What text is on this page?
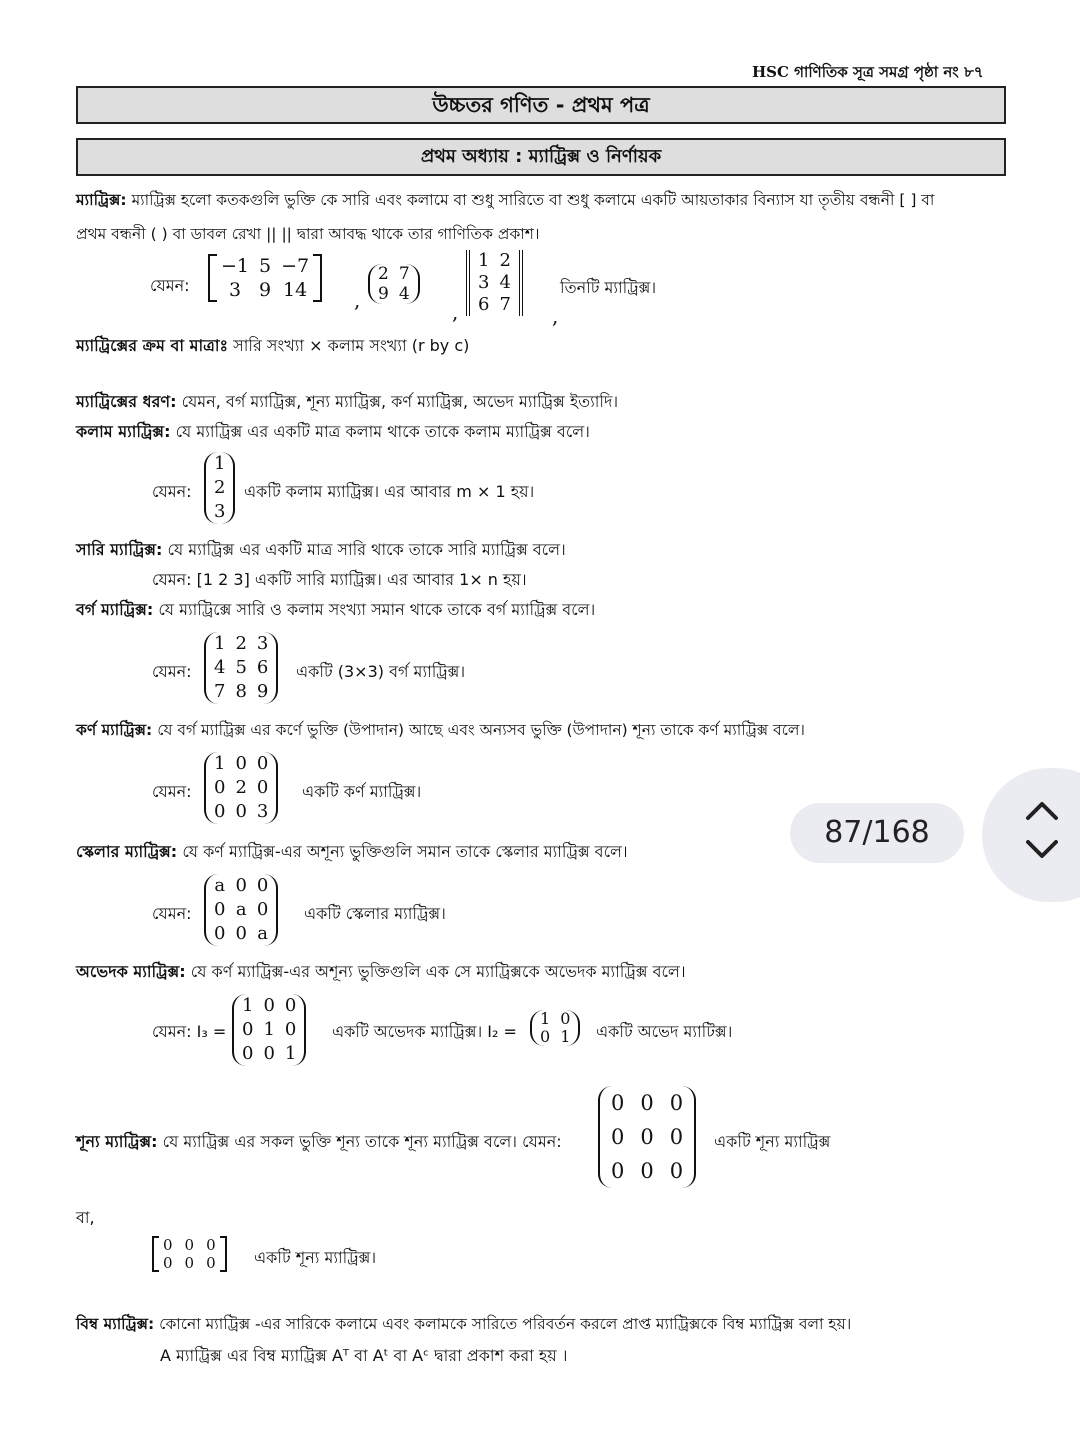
HSC গাণিতিক সূত্র সমগ্র পৃষ্ঠা নং ৮৭
উচ্চতর গণিত - প্রথম পত্র
প্রথম অধ্যায় : ম্যাট্রিক্স ও নির্ণায়ক
ম্যাট্রিক্স: ম্যাট্রিক্স হলো কতকগুলি ভুক্তি কে সারি এবং কলামে বা শুধু সারিতে বা শুধু কলামে একটি আয়তাকার বিন্যাস যা তৃতীয় বন্ধনী [ ] বা
প্রথম বন্ধনী ( ) বা ডাবল রেখা || || দ্বারা আবদ্ধ থাকে তার গাণিতিক প্রকাশ।
যেমন:
−1	5	−7
3	9	14 ,
2	7
9	4
,
1	2
3	4
6	7
তিনটি ম্যাট্রিক্স।
,
ম্যাট্রিক্সের ক্রম বা মাত্রাঃ সারি সংখ্যা × কলাম সংখ্যা (r by c)
ম্যাট্রিক্সের ধরণ: যেমন, বর্গ ম্যাট্রিক্স, শূন্য ম্যাট্রিক্স, কর্ণ ম্যাট্রিক্স, অভেদ ম্যাট্রিক্স ইত্যাদি।
কলাম ম্যাট্রিক্স: যে ম্যাট্রিক্স এর একটি মাত্র কলাম থাকে তাকে কলাম ম্যাট্রিক্স বলে।
যেমন:
1
2
3
একটি কলাম ম্যাট্রিক্স। এর আবার m × 1 হয়।
সারি ম্যাট্রিক্স: যে ম্যাট্রিক্স এর একটি মাত্র সারি থাকে তাকে সারি ম্যাট্রিক্স বলে।
যেমন: [1 2 3] একটি সারি ম্যাট্রিক্স। এর আবার 1× n হয়।
বর্গ ম্যাট্রিক্স: যে ম্যাট্রিক্সে সারি ও কলাম সংখ্যা সমান থাকে তাকে বর্গ ম্যাট্রিক্স বলে।
যেমন:
1	2	3
4	5	6
7	8	9
একটি (3×3) বর্গ ম্যাট্রিক্স।
কর্ণ ম্যাট্রিক্স: যে বর্গ ম্যাট্রিক্স এর কর্ণে ভুক্তি (উপাদান) আছে এবং অন্যসব ভুক্তি (উপাদান) শূন্য তাকে কর্ণ ম্যাট্রিক্স বলে।
যেমন:
1	0	0
0	2	0
0	0	3
একটি কর্ণ ম্যাট্রিক্স।
স্কেলার ম্যাট্রিক্স: যে কর্ণ ম্যাট্রিক্স-এর অশূন্য ভুক্তিগুলি সমান তাকে স্কেলার ম্যাট্রিক্স বলে।
যেমন:
a	0	0
0	a	0
0	0	a
একটি স্কেলার ম্যাট্রিক্স।
অভেদক ম্যাট্রিক্স: যে কর্ণ ম্যাট্রিক্স-এর অশূন্য ভুক্তিগুলি এক সে ম্যাট্রিক্সকে অভেদক ম্যাট্রিক্স বলে।
যেমন: I₃ =
1	0	0
0	1	0
0	0	1
একটি অভেদক ম্যাট্রিক্স। I₂ =
1	0
0	1 একটি অভেদ ম্যাটিক্স।
শূন্য ম্যাট্রিক্স: যে ম্যাট্রিক্স এর সকল ভুক্তি শূন্য তাকে শূন্য ম্যাট্রিক্স বলে। যেমন:
0	0	0
0	0	0
0	0	0
একটি শূন্য ম্যাট্রিক্স
বা,
0	0	0
0	0	0 একটি শূন্য ম্যাট্রিক্স।
বিম্ব ম্যাট্রিক্স: কোনো ম্যাট্রিক্স -এর সারিকে কলামে এবং কলামকে সারিতে পরিবর্তন করলে প্রাপ্ত ম্যাট্রিক্সকে বিম্ব ম্যাট্রিক্স বলা হয়।
A ম্যাট্রিক্স এর বিম্ব ম্যাট্রিক্স Aᵀ বা Aᵗ বা Aᶜ দ্বারা প্রকাশ করা হয় ।
87/168
